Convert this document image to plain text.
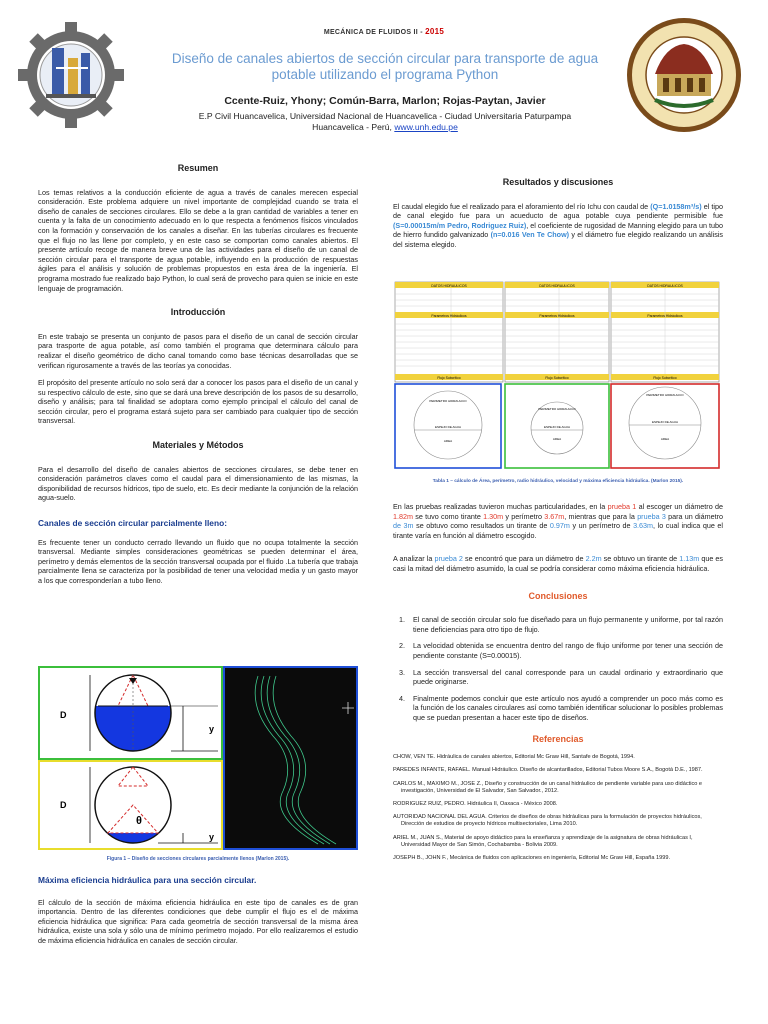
MECÁNICA DE FLUIDOS II - 2015
Diseño de canales abiertos de sección circular para transporte de agua potable utilizando el programa Python
Ccente-Ruiz, Yhony; Común-Barra, Marlon; Rojas-Paytan, Javier
E.P Civil Huancavelica, Universidad Nacional de Huancavelica - Ciudad Universitaria Paturpampa
Huancavelica - Perú, www.unh.edu.pe
Resumen

Los temas relativos a la conducción eficiente de agua a través de canales merecen especial consideración. Este problema adquiere un nivel importante de complejidad cuando se trata el diseño de canales de secciones circulares. Ello se debe a la gran cantidad de variables a tener en cuenta y la falta de un conocimiento adecuado en lo que respecta a fenómenos físicos vinculados con la formación y conservación de los canales a diseñar. En las tuberías circulares es frecuente que el flujo no las llene por completo, y en este caso se comportan como canales abiertos. El presente artículo recoge de manera breve una de las actividades para el diseño de un canal de sección circular para el transporte de agua potable, influyendo en la producción de respuestas ágiles para el análisis y solución de problemas propuestos en esta área de la ingeniería. El programa mostrado fue realizado bajo Python, lo cual será de provecho para quien se inicie en este lenguaje de programación.

Introducción

En este trabajo se presenta un conjunto de pasos para el diseño de un canal de sección circular para trasporte de agua potable, así como también el programa que determinara cálculo para realizar el diseño geométrico de dicho canal tomando como base técnicas desarrolladas que se verifican rigurosamente a través de las teorías ya conocidas.

El propósito del presente artículo no solo será dar a conocer los pasos para el diseño de un canal y su respectivo cálculo de este, sino que se dará una breve descripción de los pasos de su desarrollo, diseño y análisis; para tal finalidad se adoptara como ejemplo principal el cálculo del canal de sección circular, pero el programa estará sujeto para ser cambiado para cualquier tipo de sección transversal.

Materiales y Métodos

Para el desarrollo del diseño de canales abiertos de secciones circulares, se debe tener en consideración parámetros claves como el caudal para el dimensionamiento de las mismas, la disponibilidad de recursos hídricos, tipo de suelo, etc. Es decir mediante la conjunción de la relación agua-suelo.

Canales de sección circular parcialmente lleno:

Es frecuente tener un conducto cerrado llevando un fluido que no ocupa totalmente la sección transversal. Mediante simples consideraciones geométricas se pueden determinar el área, perímetro y demás elementos de la sección transversal ocupada por el fluido .La tubería que trabaja parcialmente llena se caracteriza por la posibilidad de tener una velocidad media y un gasto mayor a los que corresponderían a tubo lleno.

D
y
D
y
θ
Figura 1 – Diseño de secciones circulares parcialmente llenos (Marlon 2015).
Máxima eficiencia hidráulica para una sección circular.

El cálculo de la sección de máxima eficiencia hidráulica en este tipo de canales es de gran importancia. Dentro de las diferentes condiciones que debe cumplir el flujo es el de máxima eficiencia hidráulica que significa: Para cada geometría de sección transversal de la misma área hidráulica, existe una sola y sólo una de mínimo perímetro mojado. Por ello realizaremos el estudio de máxima eficiencia hidráulica en canales de sección circular.

Resultados y discusiones

El caudal elegido fue el realizado para el aforamiento del río Ichu con caudal de (Q=1.0158m³/s) el tipo de canal elegido fue para un acueducto de agua potable cuya pendiente permisible fue (S=0.00015m/m Pedro, Rodriguez Ruiz), el coeficiente de rugosidad de Manning elegido para un tubo de hierro fundido galvanizado (n=0.016 Ven Te Chow) y el diámetro fue elegido realizando un análisis del sistema elegido.

DATOS HIDRAULICOS	DATOS HIDRAULICOS	DATOS HIDRAULICOS
Parametros Hidráulicos	Parametros Hidráulicos	Parametros Hidráulicos
Flujo Subcrítico	Flujo Subcrítico	Flujo Subcrítico
PERIMETRO HIDRAULICO
PERIMETRO HIDRAULICO
PERIMETRO HIDRAULICO
ESPEJO DE AGUA	ESPEJO DE AGUA
ESPEJO DE AGUA
AREA	AREA	AREA
Tabla 1 – cálculo de Área, perímetro, radio hidráulico, velocidad y máxima eficiencia hidráulica. (Marlon 2015).

En las pruebas realizadas tuvieron muchas particularidades, en la prueba 1 al escoger un diámetro de 1.82m se tuvo como tirante 1.30m y perímetro 3.67m, mientras que para la prueba 3 para un diámetro de 3m se obtuvo como resultados un tirante de 0.97m y un perímetro de 3.63m, lo cual indica que el tirante varía en función al diámetro escogido.

A analizar la prueba 2 se encontró que para un diámetro de 2.2m se obtuvo un tirante de 1.13m que es casi la mitad del diámetro asumido, la cual se podría considerar como máxima eficiencia hidráulica.

Conclusiones
1. El canal de sección circular solo fue diseñado para un flujo permanente y uniforme, por tal razón tiene deficiencias para otro tipo de flujo.
2. La velocidad obtenida se encuentra dentro del rango de flujo uniforme por tener una sección de pendiente constante (S=0.00015).
3. La sección transversal del canal corresponde para un caudal ordinario y extraordinario que puede originarse.
4. Finalmente podemos concluir que este artículo nos ayudó a comprender un poco más como es la función de los canales circulares así como también identificar solucionar lo posibles problemas que se puedan presentan a hacer este tipo de diseños.
Referencias

CHOW, VEN TE. Hidráulica de canales abiertos, Editorial Mc Graw Hill, Santafe de Bogotá, 1994.

PAREDES INFANTE, RAFAEL. Manual Hidráulico. Diseño de alcantarillados, Editorial Tubos Moore S.A., Bogotá D.E., 1987.

CARLOS M., MAXIMO M., JOSE Z., Diseño y construcción de un canal hidráulico de pendiente variable para uso didáctico e investigación, Universidad de El Salvador, San Salvador., 2012.

RODRIGUEZ RUIZ, PEDRO. Hidráulica II, Oaxaca - México 2008.

AUTORIDAD NACIONAL DEL AGUA. Criterios de diseños de obras hidráulicas para la formulación de proyectos hidráulicos, Dirección de estudios de proyecto hídricos multisectoriales, Lima 2010.

ARIEL M., JUAN S., Material de apoyo didáctico para la enseñanza y aprendizaje de la asignatura de obras hidráulicas I, Universidad Mayor de San Simón, Cochabamba - Bolivia 2009.

JOSEPH B., JOHN F., Mecánica de fluidos con aplicaciones en ingeniería, Editorial Mc Graw Hill, España 1999.
